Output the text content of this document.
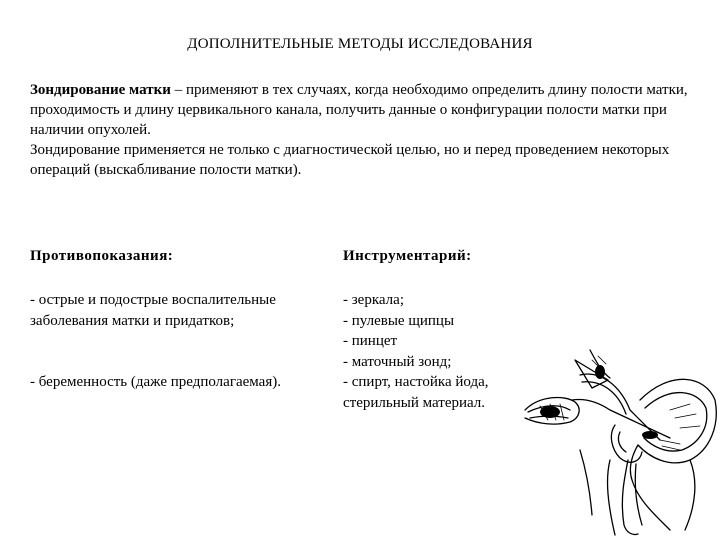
ДОПОЛНИТЕЛЬНЫЕ МЕТОДЫ ИССЛЕДОВАНИЯ

Зондирование матки – применяют в тех случаях, когда необходимо определить длину полости матки, проходимость и длину цервикального канала, получить данные о конфигурации полости матки при наличии опухолей.

Зондирование применяется не только с диагностической целью, но и перед проведением некоторых операций (выскабливание полости матки).

Противопоказания:	Инструментарий:

- острые и подострые воспалительные заболевания матки и придатков;

- беременность (даже предполагаемая).

- зеркала;

- пулевые щипцы

- пинцет

- маточный зонд;

- спирт, настойка йода, стерильный материал.
